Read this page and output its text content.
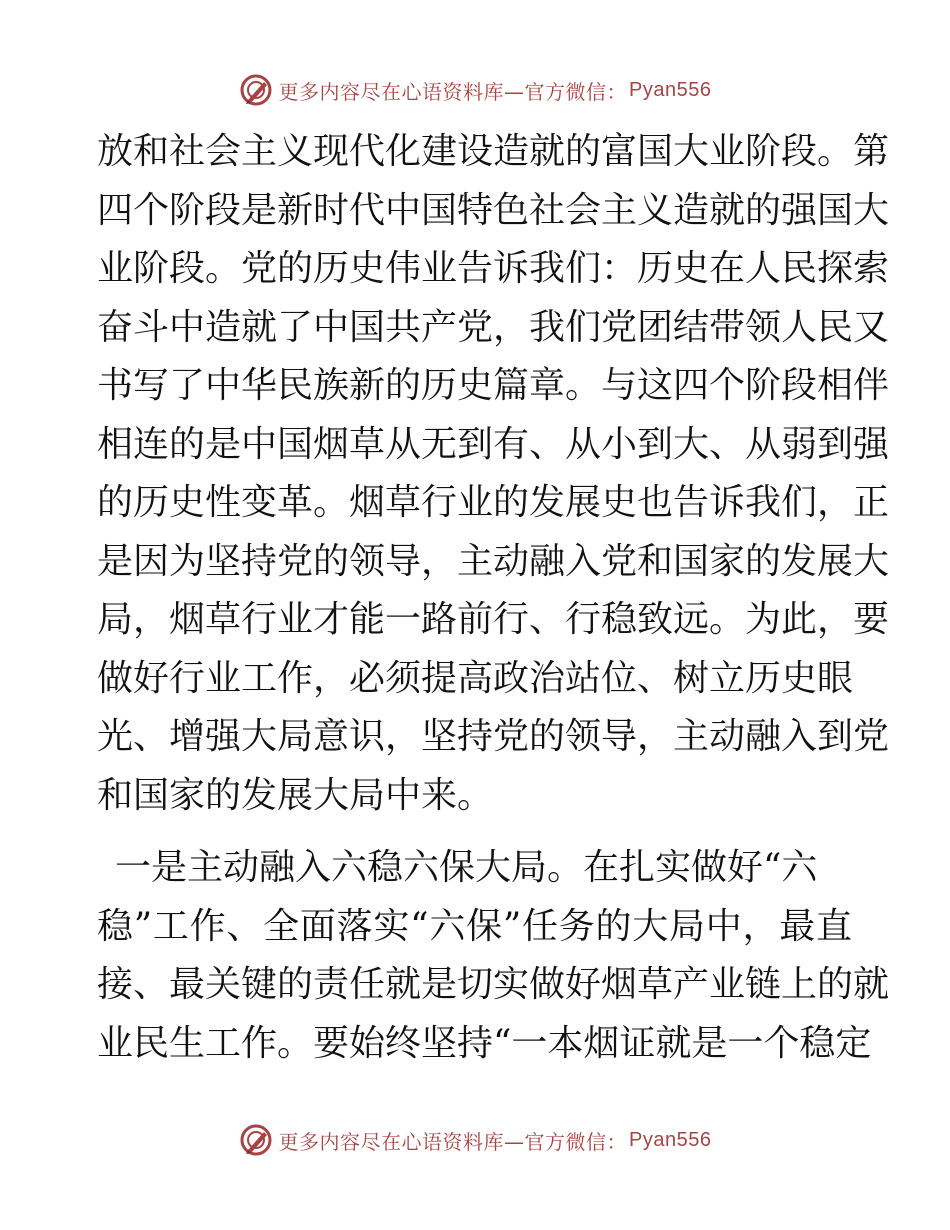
更多内容尽在心语资料库—官方微信： Pyan556
放和社会主义现代化建设造就的富国大业阶段。第
四个阶段是新时代中国特色社会主义造就的强国大
业阶段。党的历史伟业告诉我们：历史在人民探索
奋斗中造就了中国共产党，我们党团结带领人民又
书写了中华民族新的历史篇章。与这四个阶段相伴
相连的是中国烟草从无到有、从小到大、从弱到强
的历史性变革。烟草行业的发展史也告诉我们，正
是因为坚持党的领导，主动融入党和国家的发展大
局，烟草行业才能一路前行、行稳致远。为此，要
做好行业工作，必须提高政治站位、树立历史眼
光、增强大局意识，坚持党的领导，主动融入到党
和国家的发展大局中来。
一是主动融入六稳六保大局。在扎实做好“六
稳”工作、全面落实“六保”任务的大局中，最直
接、最关键的责任就是切实做好烟草产业链上的就
业民生工作。要始终坚持“一本烟证就是一个稳定
更多内容尽在心语资料库—官方微信： Pyan556
